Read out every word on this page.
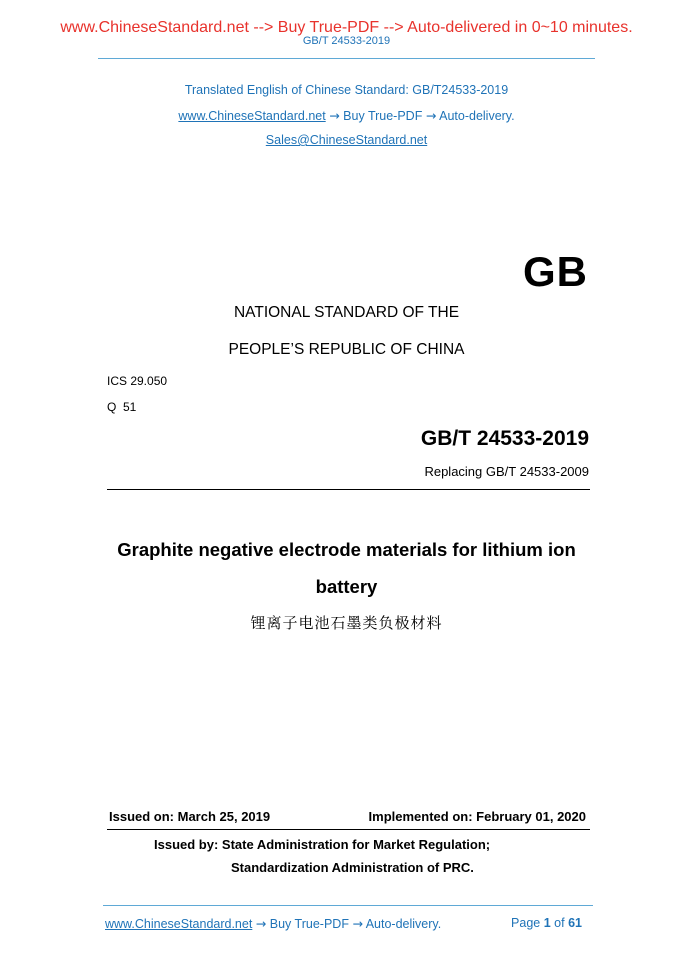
www.ChineseStandard.net --> Buy True-PDF --> Auto-delivered in 0~10 minutes.
GB/T 24533-2019
Translated English of Chinese Standard: GB/T24533-2019
www.ChineseStandard.net → Buy True-PDF → Auto-delivery.
Sales@ChineseStandard.net
GB
NATIONAL STANDARD OF THE
PEOPLE’S REPUBLIC OF CHINA
ICS 29.050
Q  51
GB/T 24533-2019
Replacing GB/T 24533-2009
Graphite negative electrode materials for lithium ion
battery
锂离子电池石墨类负极材料
Issued on: March 25, 2019	Implemented on: February 01, 2020
Issued by: State Administration for Market Regulation;
Standardization Administration of PRC.
www.ChineseStandard.net → Buy True-PDF → Auto-delivery.	Page 1 of 61
